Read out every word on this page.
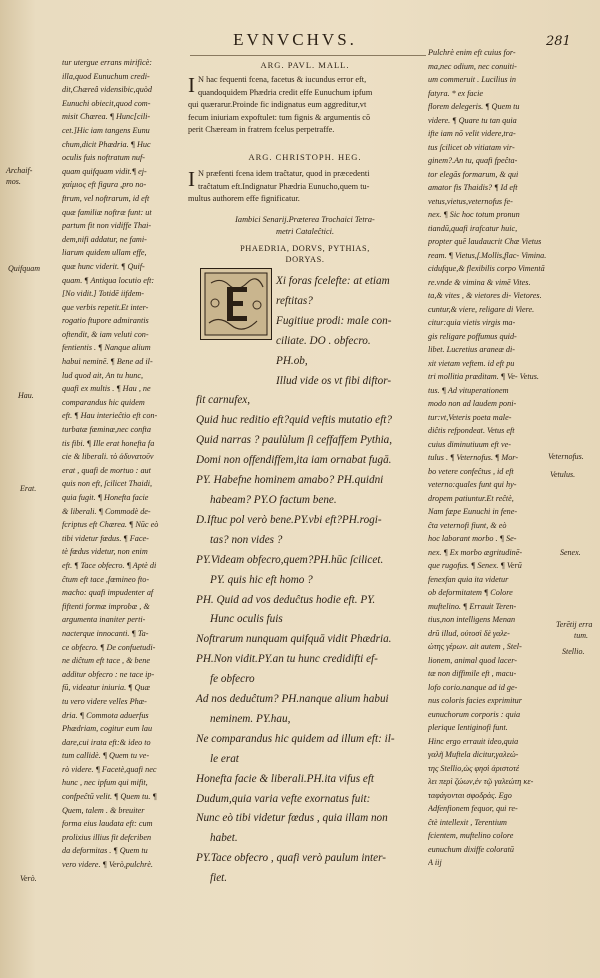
EVNVCHVS.	281
tur utergue errans mirificè:
illa,quod Eunuchum credi-
dit,Chæreâ vidensibic,quòd
Eunuchi obiecit,quod com-
misit Chærea. ¶ Hunc[cili-
cet.]Hic iam tangens Eunu
chum,dicit Phædria. ¶ Huc
oculis fuis noftratum nuf-
quam quifquam vidit.¶ ej-
χαίμιος eft figura ,pro no-
ftrum, vel noftrarum, id eft
quæ familiæ noftræ funt: ut
partum fit non vidiffe Thai-
dem,nifi addatur, ne fami-
liarum quidem ullam effe,
quæ hunc viderit. ¶ Quif-
quam. ¶ Antiqua locutio eft:
[No vidit.] Totidē iifdem-
que verbis repetit.Et inter-
rogatio ftupore admirantis
oftendit, & iam veluti con-
fentientis . ¶ Nanque alium
habui neminē. ¶ Bene ad il-
lud quod ait, An tu hunc,
quafi ex multis . ¶ Hau , ne
comparandus hic quidem
eft. ¶ Hau interieĉtio eft con-
turbatæ fœminæ,nec confta
tis fibi. ¶ Ille erat honefta fa
cie & liberali. τὸ ἀδυνατοῦν
erat , quafi de mortuo : aut
quis non eft, ſcilicet Thaidi,
quia fugit. ¶ Honefta facie
& liberali. ¶ Commodè de-
fcriptus eft Chærea. ¶ Nūc eò
tibi videtur fœdus. ¶ Face-
tè fœdus videtur, non enim
eft. ¶ Tace obfecro. ¶ Aptè di
ĉtum eft tace ,fœmineo fto-
macho: quafi impudenter af
fiftenti formæ improbæ , &
argumenta inaniter perti-
nacterque innocanti. ¶ Ta-
ce obfecro. ¶ De confuetudi-
ne diĉtum eft tace , & bene
additur obfecro : ne tace ip-
fū, videatur iniuria. ¶ Quæ
tu vero videre velles Phæ-
dria. ¶ Commota aduerfus
Phædriam, cogitur eum lau
dare,cui irata eft:& ideo to
tum callidè. ¶ Quem tu ve-
rò videre. ¶ Facetè,quafi nec
hunc , nec ipfum qui mifit,
confpeĉtū velit. ¶ Quem tu. ¶
Quem, talem . & breuiter
forma eius laudata eft: cum
prolixius illius fit defcriben
da deformitas . ¶ Quem tu
vero videre. ¶ Verò,pulchrè.
Archaif-
mos.
Quifquam
Hau.
Erat.
Verò.
ARG. PAVL. MALL.
I N hac fequenti fcena, facetus & iucundus error eft,
quandoquidem Phædria credit effe Eunuchum ipfum
qui quærarur.Proinde fic indignatus eum aggreditur,vt
fecum iniuriam expoftulet: tum fignis & argumentis cō
perit Chæream in fratrem fcelus perpetraffe.
ARG. CHRISTOPH. HEG.
I N præfenti fcena idem traĉtatur, quod in præcedenti
traĉtatum eft.Indignatur Phædria Eunucho,quem tu-
multus authorem effe fignificatur.
Iambici Senarij.Præterea Trochaici Tetra-
metri Cataleĉtici.
PHAEDRIA, DORVS, PYTHIAS,
DORYAS.
Xi foras fcelefte: at etiam
reftitas?
Fugitiue prodi: male con-
ciliate. DO . obfecro.
PH.ob,
Illud vide os vt fibi diftor-
fit carnufex,
Quid huc reditio eft?quid veftis mutatio eft?
Quid narras ? paulùlum ſi ceffaffem Pythia,
Domi non offendiffem,ita iam ornabat fugā.
PY. Habefne hominem amabo? PH.quidni
habeam? PY.O factum bene.
D.Iftuc pol verò bene.PY.vbi eft?PH.rogi-
tas? non vides ?
PY.Videam obfecro,quem?PH.hūc ſcilicet.
PY. quis hic eft homo ?
PH. Quid ad vos deduĉtus hodie eft. PY.
Hunc oculis fuis
Noftrarum nunquam quifquā vidit Phædria.
PH.Non vidit.PY.an tu hunc credidifti ef-
fe obfecro
Ad nos deduĉtum? PH.nanque alium habui
neminem. PY.hau,
Ne comparandus hic quidem ad illum eft: il-
le erat
Honefta facie & liberali.PH.ita vifus eft
Dudum,quia varia vefte exornatus fuit:
Nunc eò tibi videtur fœdus , quia illam non
habet.
PY.Tace obfecro , quafi verò paulum inter-
fiet.
Pulchrè enim eft cuius for-
ma,nec odium, nec conuiti-
um commeruit . Lucilius in
fatyra. * ex facie
florem delegeris. ¶ Quem tu
videre. ¶ Quare tu tan quia
ifte iam nō velit videre,tra-
tus ſcilicet ob vitiatam vir-
ginem?.An tu, quafi fpeĉta-
tor elegās formarum, & qui
amator fis Thaidis? ¶ Id eft
vetus,vietus,veternofus fe-
nex. ¶ Sic hoc totum pronun
tiandū,quafi irafcatur huic,
propter quē laudaucrit Chæ Vietus
ream. ¶ Vietus,ſ.Mollis,flac- Vimina.
cidufque,& flexibilis corpo Vimentā
re.vnde & vimina & vimē Vites.
ta,& vites , & vietores di- Vietores.
cuntur,& viere, religare di Viere.
citur:quia vietis virgis ma-
gis religare poffumus quid-
libet. Lucretius araneæ di-
xit vietam veftem. id eft pu
tri mollitia præditam. ¶ Ve- Vetus.
tus. ¶ Ad vituperationem
modo non ad laudem poni-
tur:vt,Veteris poeta male-
diĉtis refpondeat. Vetus eft
cuius diminutiuum eft ve-
tulus . ¶ Veternofus. ¶ Mor-
bo vetere confeĉtus , id eft
veterno:quales funt qui hy-
dropem patiuntur.Et reĉtè,
Nam fæpe Eunuchi in fene-
ĉta veternofi fiunt, & eò
hoc laborant morbo . ¶ Se-
nex. ¶ Ex morbo ægritudinē-
que rugofus. ¶ Senex. ¶ Verū
fenexfan quia ita videtur
ob deformitatem ¶ Colore
muftelino. ¶ Errauit Teren-
tius,non intelligens Menan
drū illud, οὐτοσὶ δὲ γαλε-
ώτης γέρων. ait autem , Stel-
lionem, animal quod lacer-
tæ non diffimile eft , macu-
lofo corio.nanque ad id ge-
nus coloris facies exprimitur
eunuchorum corporis : quia
plerique lentiginofi funt.
Hinc ergo errauit ideo,quia
γαλῆ Muftela dicitur,γαλεώ-
της Stellio,ὡς φησὶ ἀριστοτέ
λει περὶ ζώων,ἐν τῷ γαλεώτη κε-
ταφάγονται σφοδρὰς. Ego
Adfenfionem fequor, qui re-
ĉtè intellexit , Terentium
fcientem, muftelino colore
eunuchum dixiffe coloratū
A iij
Veternofus.
Vetulus.
Senex.
Terētij erra
tum.
Stellio.
